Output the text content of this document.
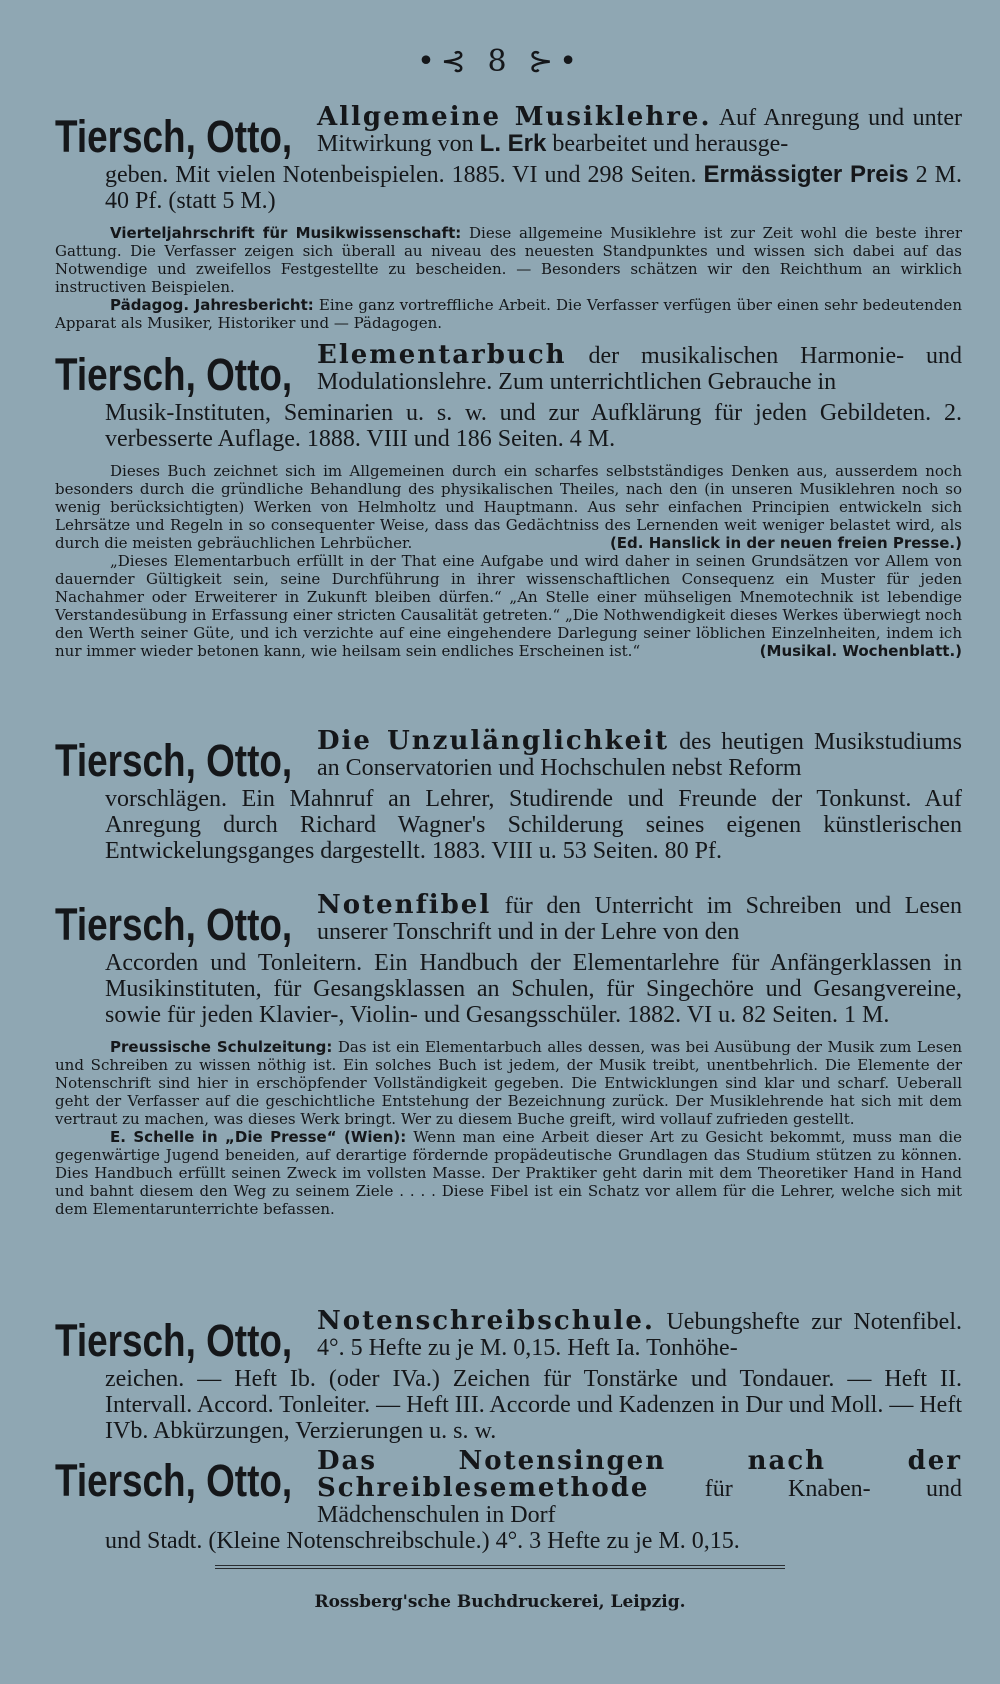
•⊰ 8 ⊱•
Tiersch, Otto, Allgemeine Musiklehre. Auf Anregung und unter Mitwirkung von L. Erk bearbeitet und herausge-

geben. Mit vielen Notenbeispielen. 1885. VI und 298 Seiten. Ermässigter Preis 2 M. 40 Pf. (statt 5 M.)

Vierteljahrschrift für Musikwissenschaft: Diese allgemeine Musiklehre ist zur Zeit wohl die beste ihrer Gattung. Die Verfasser zeigen sich überall au niveau des neuesten Standpunktes und wissen sich dabei auf das Notwendige und zweifellos Festgestellte zu bescheiden. — Besonders schätzen wir den Reichthum an wirklich instructiven Beispielen.

Pädagog. Jahresbericht: Eine ganz vortreffliche Arbeit. Die Verfasser verfügen über einen sehr bedeutenden Apparat als Musiker, Historiker und — Pädagogen.

Tiersch, Otto, Elementarbuch der musikalischen Harmonie- und Modulationslehre. Zum unterrichtlichen Gebrauche in

Musik-Instituten, Seminarien u. s. w. und zur Aufklärung für jeden Gebildeten. 2. verbesserte Auflage. 1888. VIII und 186 Seiten. 4 M.

Dieses Buch zeichnet sich im Allgemeinen durch ein scharfes selbstständiges Denken aus, ausserdem noch besonders durch die gründliche Behandlung des physikalischen Theiles, nach den (in unseren Musiklehren noch so wenig berücksichtigten) Werken von Helmholtz und Hauptmann. Aus sehr einfachen Principien entwickeln sich Lehrsätze und Regeln in so consequenter Weise, dass das Gedächtniss des Lernenden weit weniger belastet wird, als durch die meisten gebräuchlichen Lehrbücher.	(Ed. Hanslick in der neuen freien Presse.)

„Dieses Elementarbuch erfüllt in der That eine Aufgabe und wird daher in seinen Grundsätzen vor Allem von dauernder Gültigkeit sein, seine Durchführung in ihrer wissenschaftlichen Consequenz ein Muster für jeden Nachahmer oder Erweiterer in Zukunft bleiben dürfen.“ „An Stelle einer mühseligen Mnemotechnik ist lebendige Verstandesübung in Erfassung einer stricten Causalität getreten.“ „Die Nothwendigkeit dieses Werkes überwiegt noch den Werth seiner Güte, und ich verzichte auf eine eingehendere Darlegung seiner löblichen Einzelnheiten, indem ich nur immer wieder betonen kann, wie heilsam sein endliches Erscheinen ist.“	(Musikal. Wochenblatt.)

Tiersch, Otto, Die Unzulänglichkeit des heutigen Musikstudiums an Conservatorien und Hochschulen nebst Reform

vorschlägen. Ein Mahnruf an Lehrer, Studirende und Freunde der Tonkunst. Auf Anregung durch Richard Wagner's Schilderung seines eigenen künstlerischen Entwickelungsganges dargestellt. 1883. VIII u. 53 Seiten. 80 Pf.

Tiersch, Otto, Notenfibel für den Unterricht im Schreiben und Lesen unserer Tonschrift und in der Lehre von den

Accorden und Tonleitern. Ein Handbuch der Elementarlehre für Anfängerklassen in Musikinstituten, für Gesangsklassen an Schulen, für Singechöre und Gesangvereine, sowie für jeden Klavier-, Violin- und Gesangsschüler. 1882. VI u. 82 Seiten. 1 M.

Preussische Schulzeitung: Das ist ein Elementarbuch alles dessen, was bei Ausübung der Musik zum Lesen und Schreiben zu wissen nöthig ist. Ein solches Buch ist jedem, der Musik treibt, unentbehrlich. Die Elemente der Notenschrift sind hier in erschöpfender Vollständigkeit gegeben. Die Entwicklungen sind klar und scharf. Ueberall geht der Verfasser auf die geschichtliche Entstehung der Bezeichnung zurück. Der Musiklehrende hat sich mit dem vertraut zu machen, was dieses Werk bringt. Wer zu diesem Buche greift, wird vollauf zufrieden gestellt.

E. Schelle in „Die Presse“ (Wien): Wenn man eine Arbeit dieser Art zu Gesicht bekommt, muss man die gegenwärtige Jugend beneiden, auf derartige fördernde propädeutische Grundlagen das Studium stützen zu können. Dies Handbuch erfüllt seinen Zweck im vollsten Masse. Der Praktiker geht darin mit dem Theoretiker Hand in Hand und bahnt diesem den Weg zu seinem Ziele . . . . Diese Fibel ist ein Schatz vor allem für die Lehrer, welche sich mit dem Elementarunterrichte befassen.

Tiersch, Otto, Notenschreibschule. Uebungshefte zur Notenfibel. 4°. 5 Hefte zu je M. 0,15. Heft Ia. Tonhöhe-

zeichen. — Heft Ib. (oder IVa.) Zeichen für Tonstärke und Tondauer. — Heft II. Intervall. Accord. Tonleiter. — Heft III. Accorde und Kadenzen in Dur und Moll. — Heft IVb. Abkürzungen, Verzierungen u. s. w.

Tiersch, Otto, Das Notensingen nach der Schreiblesemethode für Knaben- und Mädchenschulen in Dorf

und Stadt. (Kleine Notenschreibschule.) 4°. 3 Hefte zu je M. 0,15.

Rossberg'sche Buchdruckerei, Leipzig.
